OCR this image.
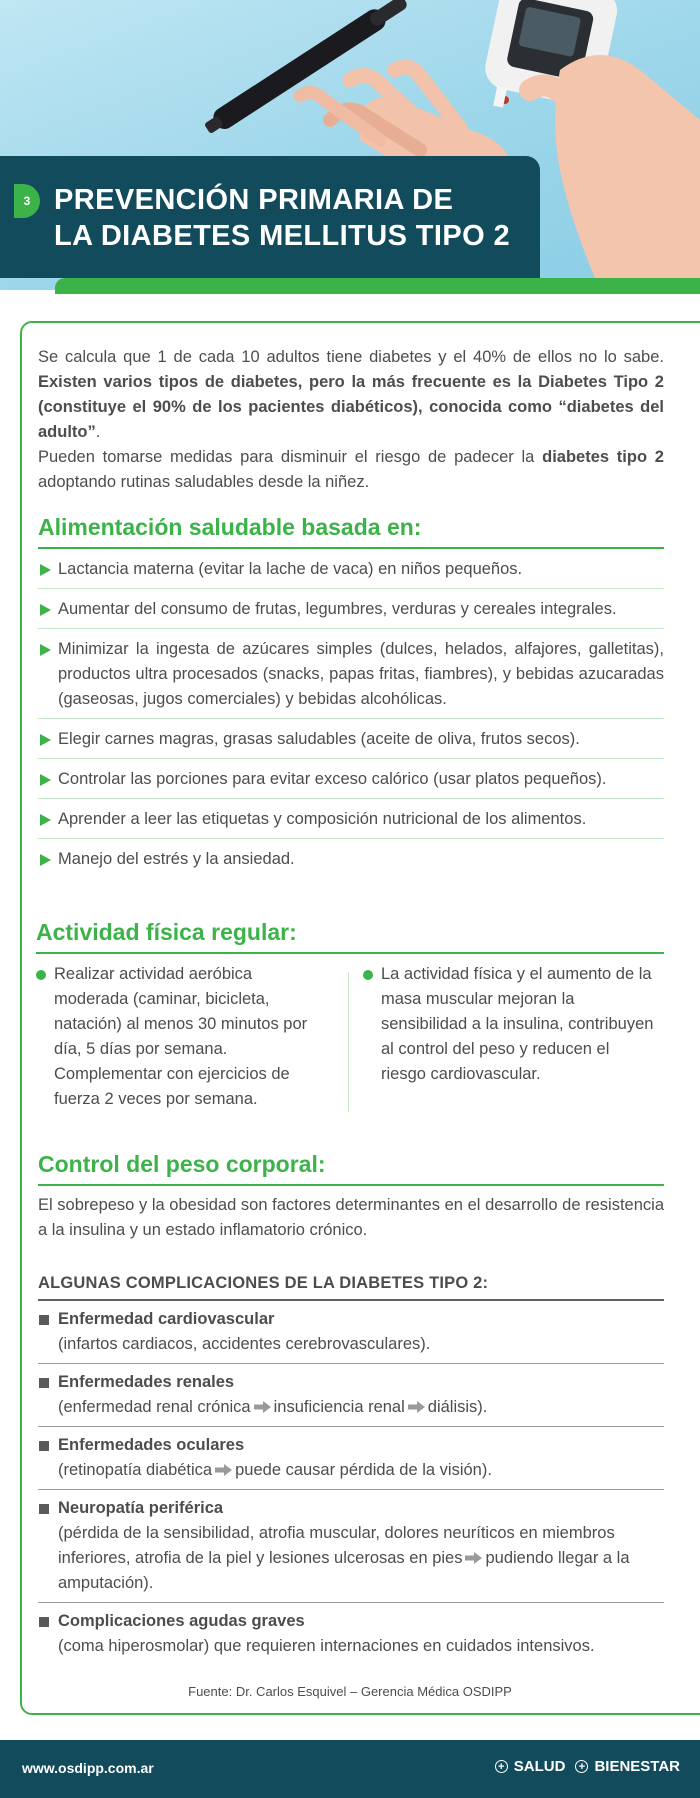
3 PREVENCIÓN PRIMARIA DE
LA DIABETES MELLITUS TIPO 2

Se calcula que 1 de cada 10 adultos tiene diabetes y el 40% de ellos no lo sabe. Existen varios tipos de diabetes, pero la más frecuente es la Diabetes Tipo 2 (constituye el 90% de los pacientes diabéticos), conocida como “diabetes del adulto”.

Pueden tomarse medidas para disminuir el riesgo de padecer la diabetes tipo 2 adoptando rutinas saludables desde la niñez.

Alimentación saludable basada en:
Lactancia materna (evitar la lache de vaca) en niños pequeños.
Aumentar del consumo de frutas, legumbres, verduras y cereales integrales.
Minimizar la ingesta de azúcares simples (dulces, helados, alfajores, galletitas), productos ultra procesados (snacks, papas fritas, fiambres), y bebidas azucaradas (gaseosas, jugos comerciales) y bebidas alcohólicas.
Elegir carnes magras, grasas saludables (aceite de oliva, frutos secos).
Controlar las porciones para evitar exceso calórico (usar platos pequeños).
Aprender a leer las etiquetas y composición nutricional de los alimentos.
Manejo del estrés y la ansiedad.
Actividad física regular:
Realizar actividad aeróbica moderada (caminar, bicicleta, natación) al menos 30 minutos por día, 5 días por semana. Complementar con ejercicios de fuerza 2 veces por semana.
La actividad física y el aumento de la masa muscular mejoran la sensibilidad a la insulina, contribuyen al control del peso y reducen el riesgo cardiovascular.
Control del peso corporal:

El sobrepeso y la obesidad son factores determinantes en el desarrollo de resistencia a la insulina y un estado inflamatorio crónico.

ALGUNAS COMPLICACIONES DE LA DIABETES TIPO 2:
Enfermedad cardiovascular
(infartos cardiacos, accidentes cerebrovasculares).
Enfermedades renales
(enfermedad renal crónica insuficiencia renal diálisis).
Enfermedades oculares
(retinopatía diabética puede causar pérdida de la visión).
Neuropatía periférica
(pérdida de la sensibilidad, atrofia muscular, dolores neuríticos en miembros inferiores, atrofia de la piel y lesiones ulcerosas en pies pudiendo llegar a la amputación).
Complicaciones agudas graves
(coma hiperosmolar) que requieren internaciones en cuidados intensivos.
Fuente: Dr. Carlos Esquivel – Gerencia Médica OSDIPP
www.osdipp.com.ar	+ SALUD + BIENESTAR
